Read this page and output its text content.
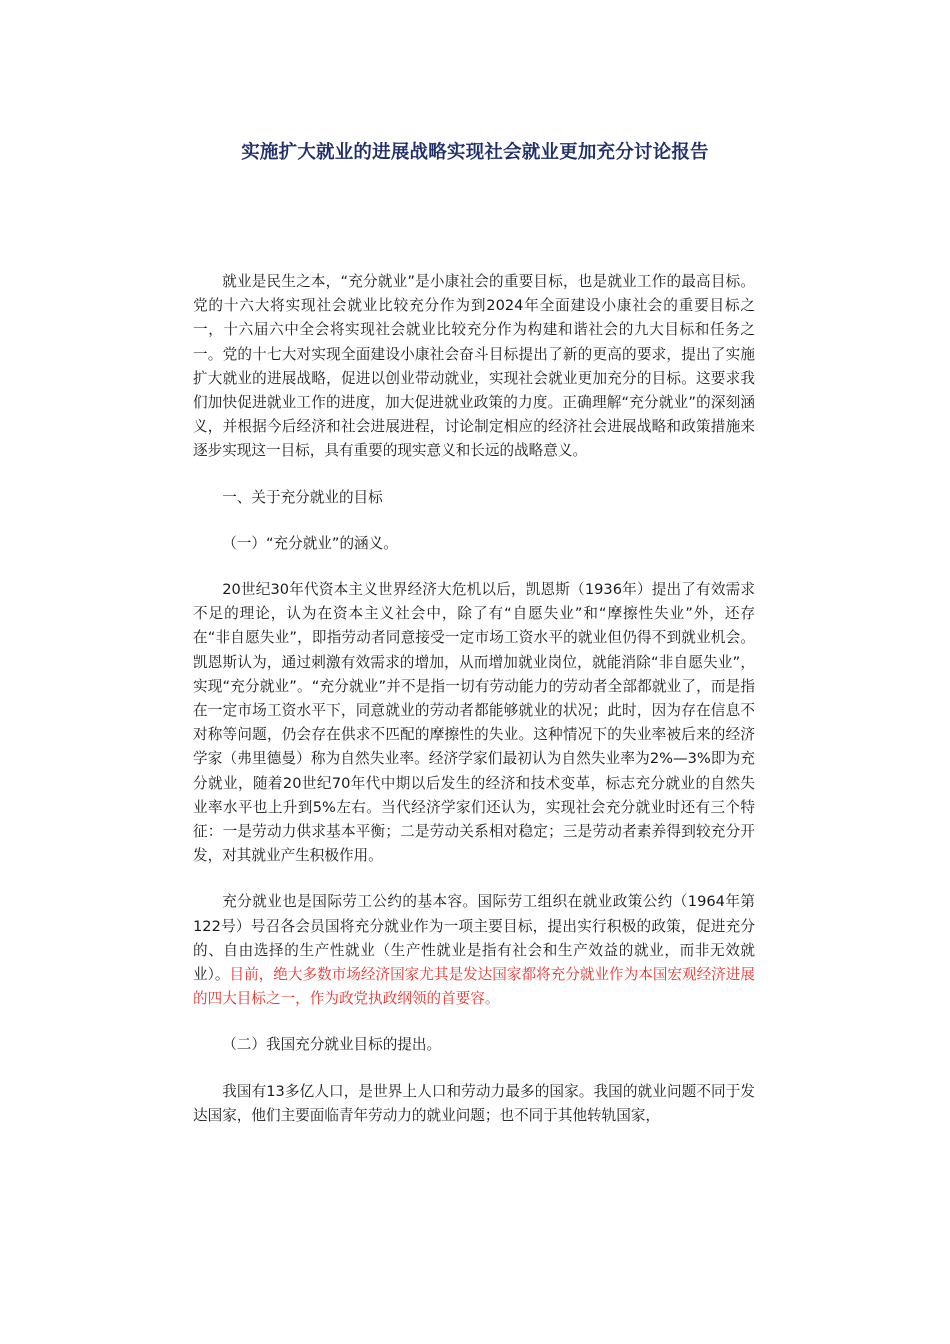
实施扩大就业的进展战略实现社会就业更加充分讨论报告

就业是民生之本，“充分就业”是小康社会的重要目标，也是就业工作的最高目标。党的十六大将实现社会就业比较充分作为到2024年全面建设小康社会的重要目标之一，十六届六中全会将实现社会就业比较充分作为构建和谐社会的九大目标和任务之一。党的十七大对实现全面建设小康社会奋斗目标提出了新的更高的要求，提出了实施扩大就业的进展战略，促进以创业带动就业，实现社会就业更加充分的目标。这要求我们加快促进就业工作的进度，加大促进就业政策的力度。正确理解“充分就业”的深刻涵义，并根据今后经济和社会进展进程，讨论制定相应的经济社会进展战略和政策措施来逐步实现这一目标，具有重要的现实意义和长远的战略意义。

一、关于充分就业的目标

（一）“充分就业”的涵义。

20世纪30年代资本主义世界经济大危机以后，凯恩斯（1936年）提出了有效需求不足的理论，认为在资本主义社会中，除了有“自愿失业”和“摩擦性失业”外，还存在“非自愿失业”，即指劳动者同意接受一定市场工资水平的就业但仍得不到就业机会。凯恩斯认为，通过刺激有效需求的增加，从而增加就业岗位，就能消除“非自愿失业”，实现“充分就业”。“充分就业”并不是指一切有劳动能力的劳动者全部都就业了，而是指在一定市场工资水平下，同意就业的劳动者都能够就业的状况；此时，因为存在信息不对称等问题，仍会存在供求不匹配的摩擦性的失业。这种情况下的失业率被后来的经济学家（弗里德曼）称为自然失业率。经济学家们最初认为自然失业率为2%—3%即为充分就业，随着20世纪70年代中期以后发生的经济和技术变革，标志充分就业的自然失业率水平也上升到5%左右。当代经济学家们还认为，实现社会充分就业时还有三个特征：一是劳动力供求基本平衡；二是劳动关系相对稳定；三是劳动者素养得到较充分开发，对其就业产生积极作用。

充分就业也是国际劳工公约的基本容。国际劳工组织在就业政策公约（1964年第122号）号召各会员国将充分就业作为一项主要目标，提出实行积极的政策，促进充分的、自由选择的生产性就业（生产性就业是指有社会和生产效益的就业，而非无效就业）。目前，绝大多数市场经济国家尤其是发达国家都将充分就业作为本国宏观经济进展的四大目标之一，作为政党执政纲领的首要容。

（二）我国充分就业目标的提出。

我国有13多亿人口，是世界上人口和劳动力最多的国家。我国的就业问题不同于发达国家，他们主要面临青年劳动力的就业问题；也不同于其他转轨国家，
